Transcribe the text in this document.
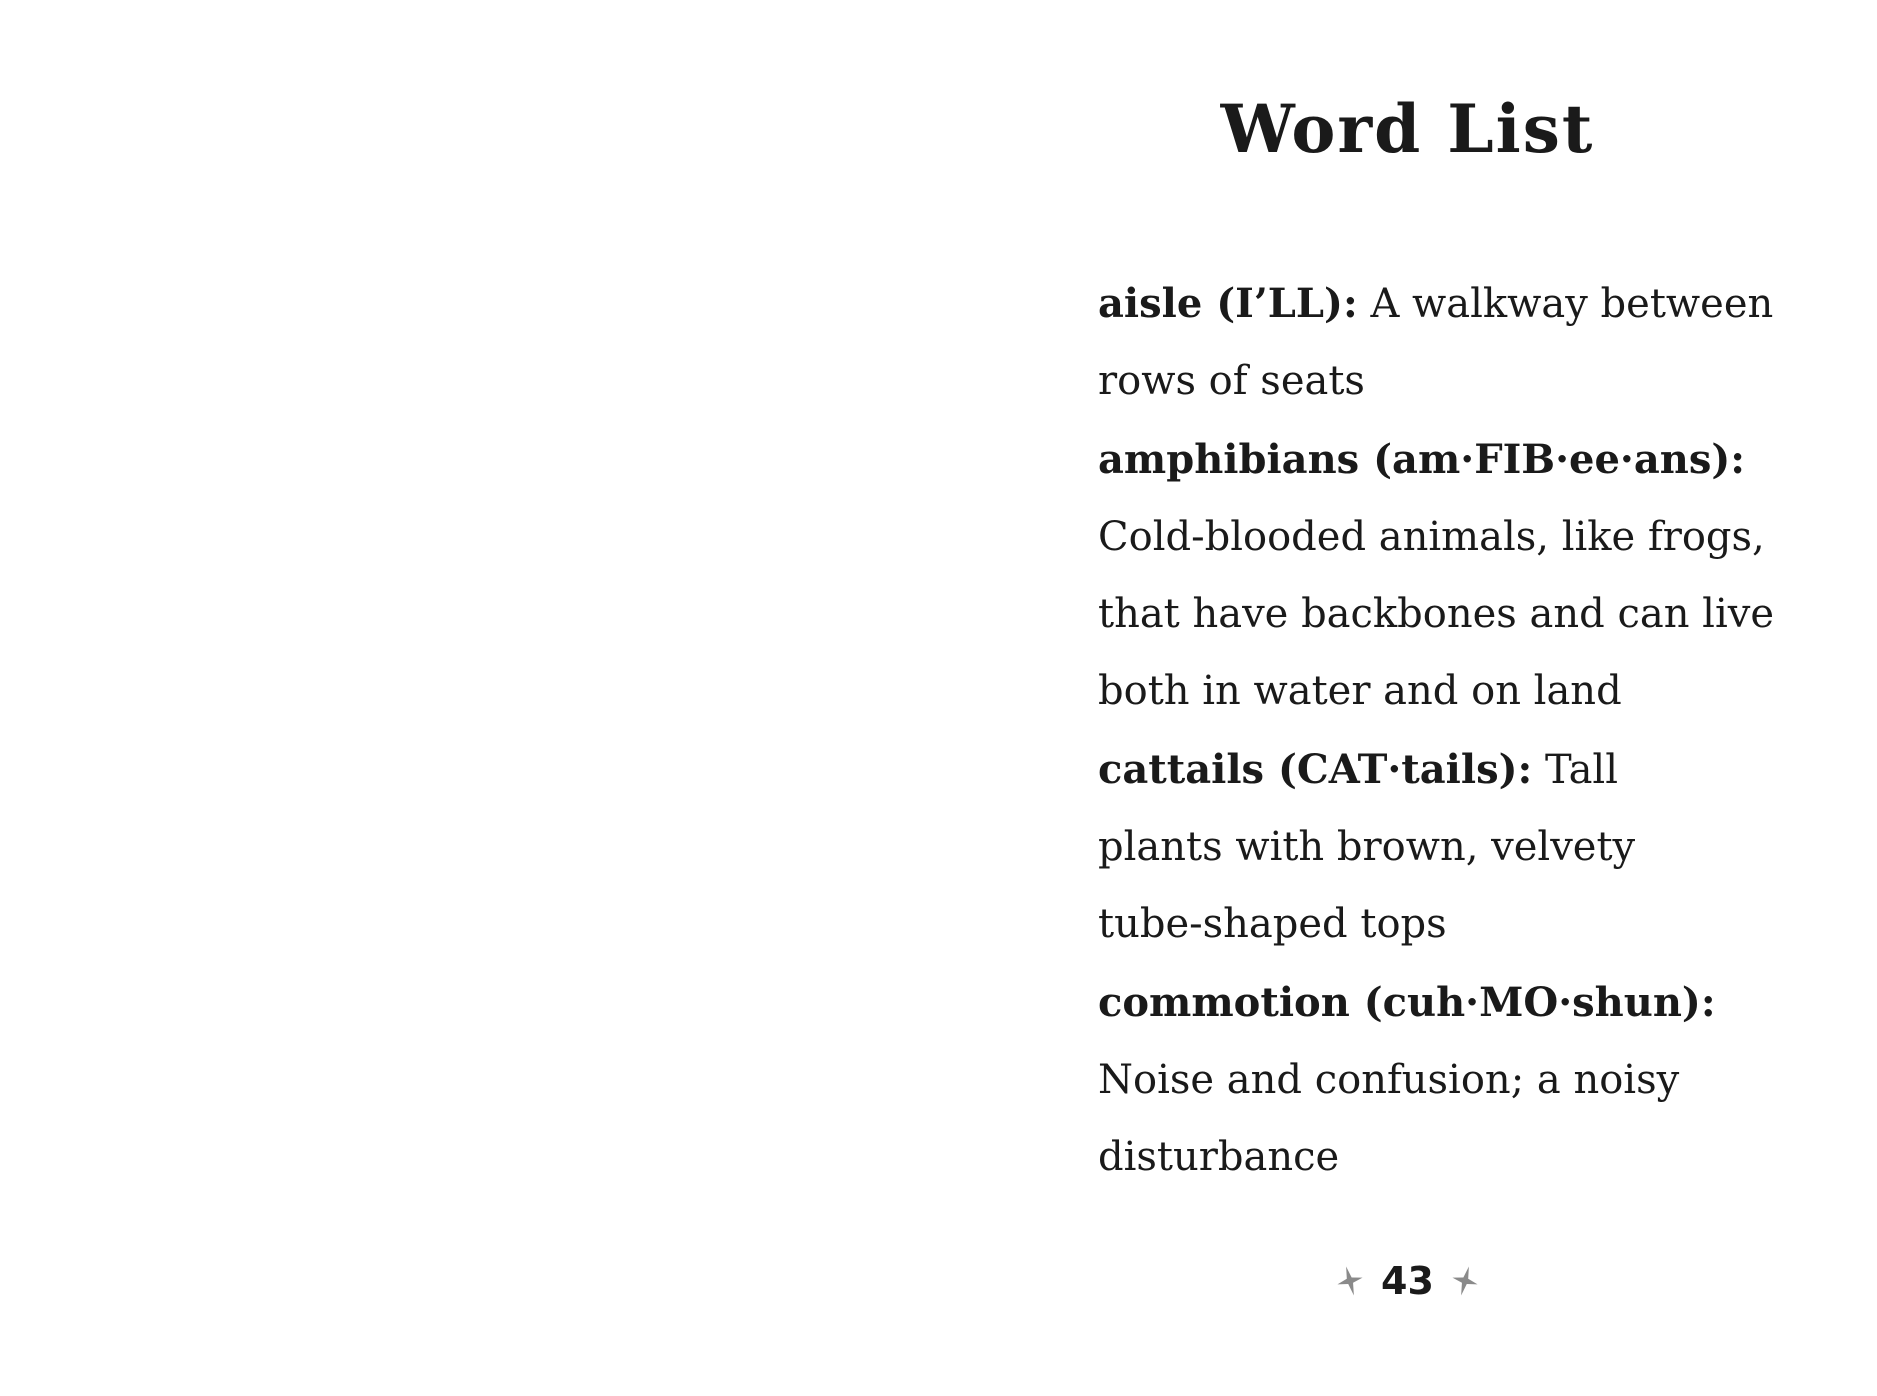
Word List
aisle (I’LL): A walkway between
rows of seats
amphibians (am·FIB·ee·ans):
Cold-blooded animals, like frogs,
that have backbones and can live
both in water and on land
cattails (CAT·tails): Tall
plants with brown, velvety
tube-shaped tops
commotion (cuh·MO·shun):
Noise and confusion; a noisy
disturbance
43
